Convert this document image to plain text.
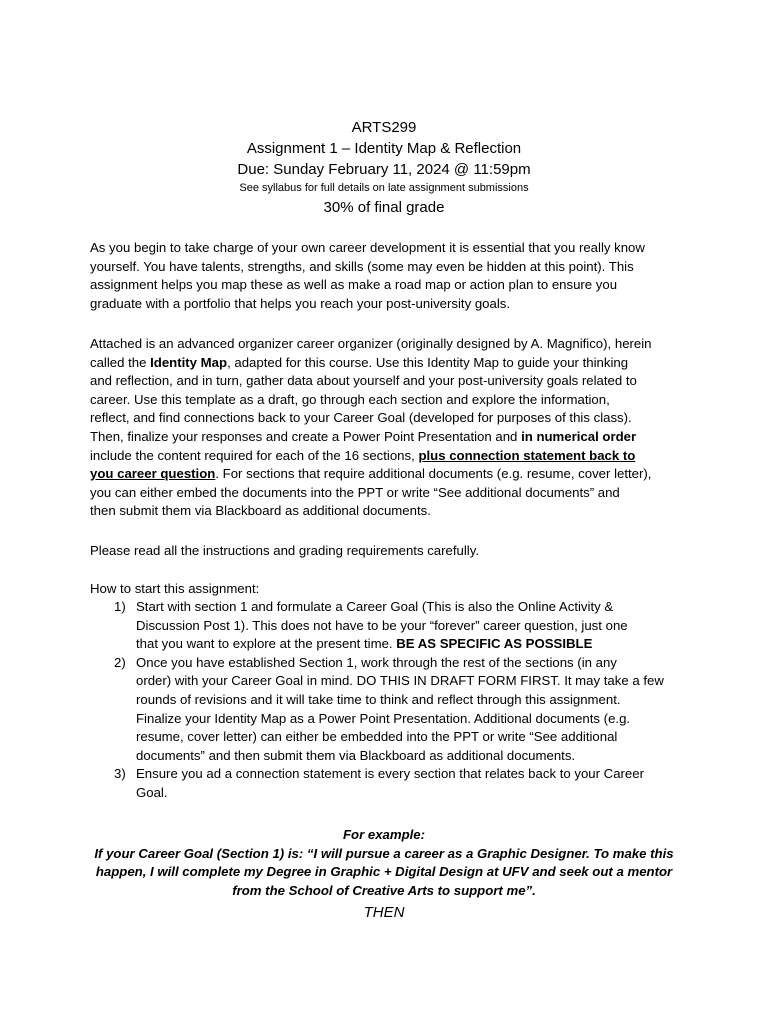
ARTS299
Assignment 1 – Identity Map & Reflection
Due: Sunday February 11, 2024 @ 11:59pm
See syllabus for full details on late assignment submissions
30% of final grade

As you begin to take charge of your own career development it is essential that you really know

yourself. You have talents, strengths, and skills (some may even be hidden at this point). This

assignment helps you map these as well as make a road map or action plan to ensure you

graduate with a portfolio that helps you reach your post-university goals.

Attached is an advanced organizer career organizer (originally designed by A. Magnifico), herein

called the Identity Map, adapted for this course. Use this Identity Map to guide your thinking

and reflection, and in turn, gather data about yourself and your post-university goals related to

career. Use this template as a draft, go through each section and explore the information,

reflect, and find connections back to your Career Goal (developed for purposes of this class).

Then, finalize your responses and create a Power Point Presentation and in numerical order

include the content required for each of the 16 sections, plus connection statement back to

you career question. For sections that require additional documents (e.g. resume, cover letter),

you can either embed the documents into the PPT or write “See additional documents” and

then submit them via Blackboard as additional documents.

Please read all the instructions and grading requirements carefully.

How to start this assignment:

1) Start with section 1 and formulate a Career Goal (This is also the Online Activity &

Discussion Post 1). This does not have to be your “forever” career question, just one

that you want to explore at the present time. BE AS SPECIFIC AS POSSIBLE

2) Once you have established Section 1, work through the rest of the sections (in any

order) with your Career Goal in mind. DO THIS IN DRAFT FORM FIRST. It may take a few

rounds of revisions and it will take time to think and reflect through this assignment.

Finalize your Identity Map as a Power Point Presentation. Additional documents (e.g.

resume, cover letter) can either be embedded into the PPT or write “See additional

documents” and then submit them via Blackboard as additional documents.

3) Ensure you ad a connection statement is every section that relates back to your Career

Goal.

For example:

If your Career Goal (Section 1) is: “I will pursue a career as a Graphic Designer. To make this

happen, I will complete my Degree in Graphic + Digital Design at UFV and seek out a mentor

from the School of Creative Arts to support me”.

THEN
